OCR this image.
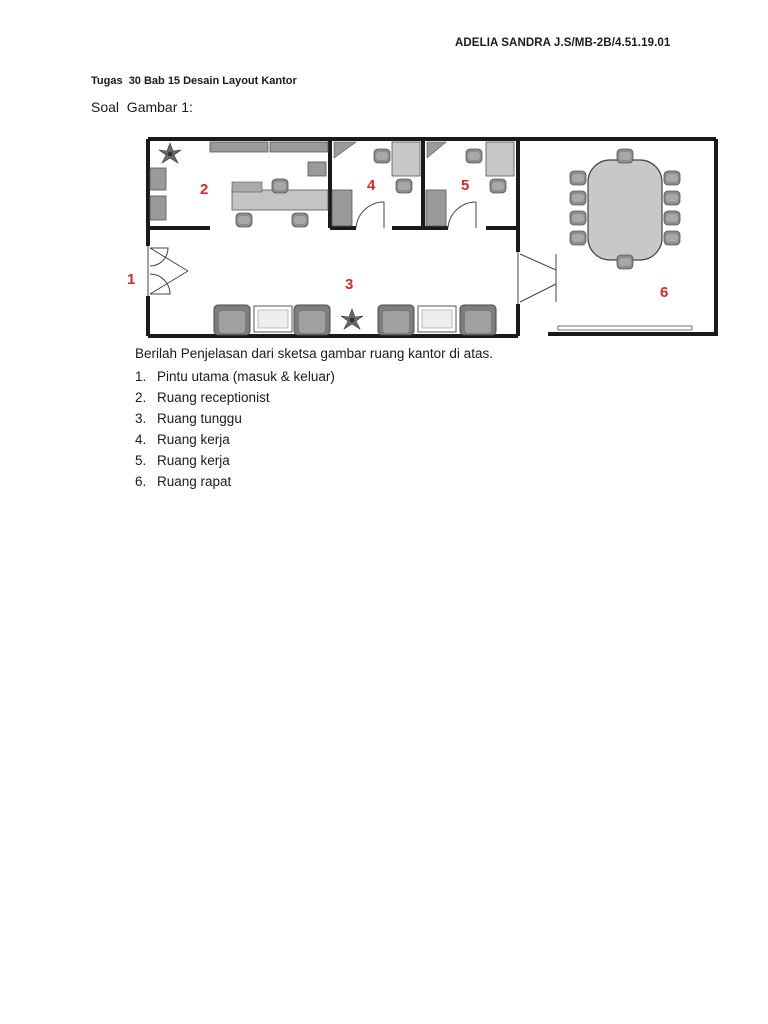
ADELIA SANDRA J.S/MB-2B/4.51.19.01
Tugas  30 Bab 15 Desain Layout Kantor
Soal  Gambar 1:
1
2
3
4	5
6
Berilah Penjelasan dari sketsa gambar ruang kantor di atas.
1. Pintu utama (masuk & keluar)
2. Ruang receptionist
3. Ruang tunggu
4. Ruang kerja
5. Ruang kerja
6. Ruang rapat
